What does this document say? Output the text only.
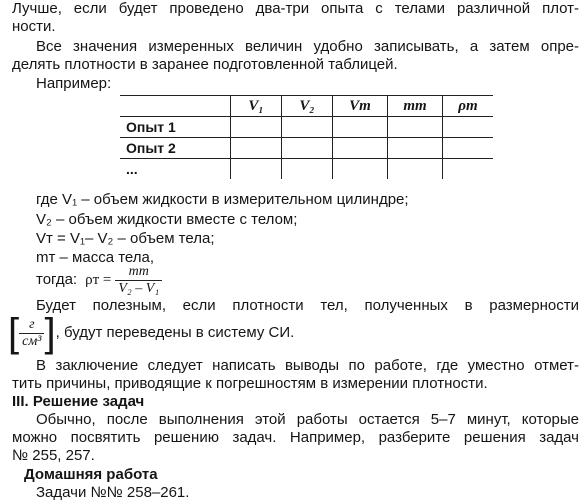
Лучше, если будет проведено два-три опыта с телами различной плот-
ности.
Все значения измеренных величин удобно записывать, а затем опре-
делять плотности в заранее подготовленной таблицей.
Например:
	V₁	V₂	Vт	mт	ρт
Опыт 1					
Опыт 2					
...					
где V₁ – объем жидкости в измерительном цилиндре;
V₂ – объем жидкости вместе с телом;
Vт = V₁– V₂ – объем тела;
mт – масса тела,
тогда: $\rho т = \frac{mт}{\text{V₂ – V₁}}$
Будет полезным, если плотности тел, полученных в размерности
[ $\frac{г}{\text{см³}}$ ] , будут переведены в систему СИ.
В заключение следует написать выводы по работе, где уместно отмет-
тить причины, приводящие к погрешностям в измерении плотности.
III. Решение задач
Обычно, после выполнения этой работы остается 5–7 минут, которые
можно посвятить решению задач. Например, разберите решения задач
№ 255, 257.
Домашняя работа
Задачи №№ 258–261.
